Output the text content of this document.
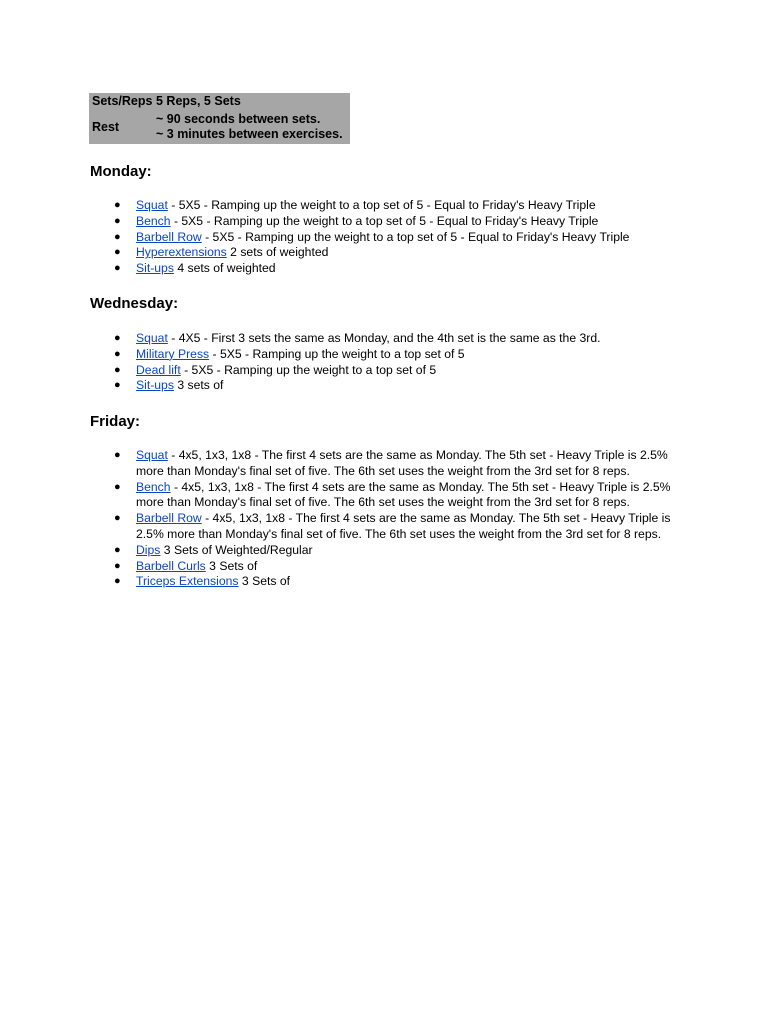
Sets/Reps 5 Reps, 5 Sets
Rest
~ 90 seconds between sets.
~ 3 minutes between exercises.
Monday:
● Squat - 5X5 - Ramping up the weight to a top set of 5 - Equal to Friday's Heavy Triple
● Bench - 5X5 - Ramping up the weight to a top set of 5 - Equal to Friday's Heavy Triple
● Barbell Row - 5X5 - Ramping up the weight to a top set of 5 - Equal to Friday's Heavy Triple
● Hyperextensions 2 sets of weighted
● Sit-ups 4 sets of weighted
Wednesday:
● Squat - 4X5 - First 3 sets the same as Monday, and the 4th set is the same as the 3rd.
● Military Press - 5X5 - Ramping up the weight to a top set of 5
● Dead lift - 5X5 - Ramping up the weight to a top set of 5
● Sit-ups 3 sets of
Friday:
● Squat - 4x5, 1x3, 1x8 - The first 4 sets are the same as Monday. The 5th set - Heavy Triple is 2.5% more than Monday's final set of five. The 6th set uses the weight from the 3rd set for 8 reps.
● Bench - 4x5, 1x3, 1x8 - The first 4 sets are the same as Monday. The 5th set - Heavy Triple is 2.5% more than Monday's final set of five. The 6th set uses the weight from the 3rd set for 8 reps.
● Barbell Row - 4x5, 1x3, 1x8 - The first 4 sets are the same as Monday. The 5th set - Heavy Triple is 2.5% more than Monday's final set of five. The 6th set uses the weight from the 3rd set for 8 reps.
● Dips 3 Sets of Weighted/Regular
● Barbell Curls 3 Sets of
● Triceps Extensions 3 Sets of
